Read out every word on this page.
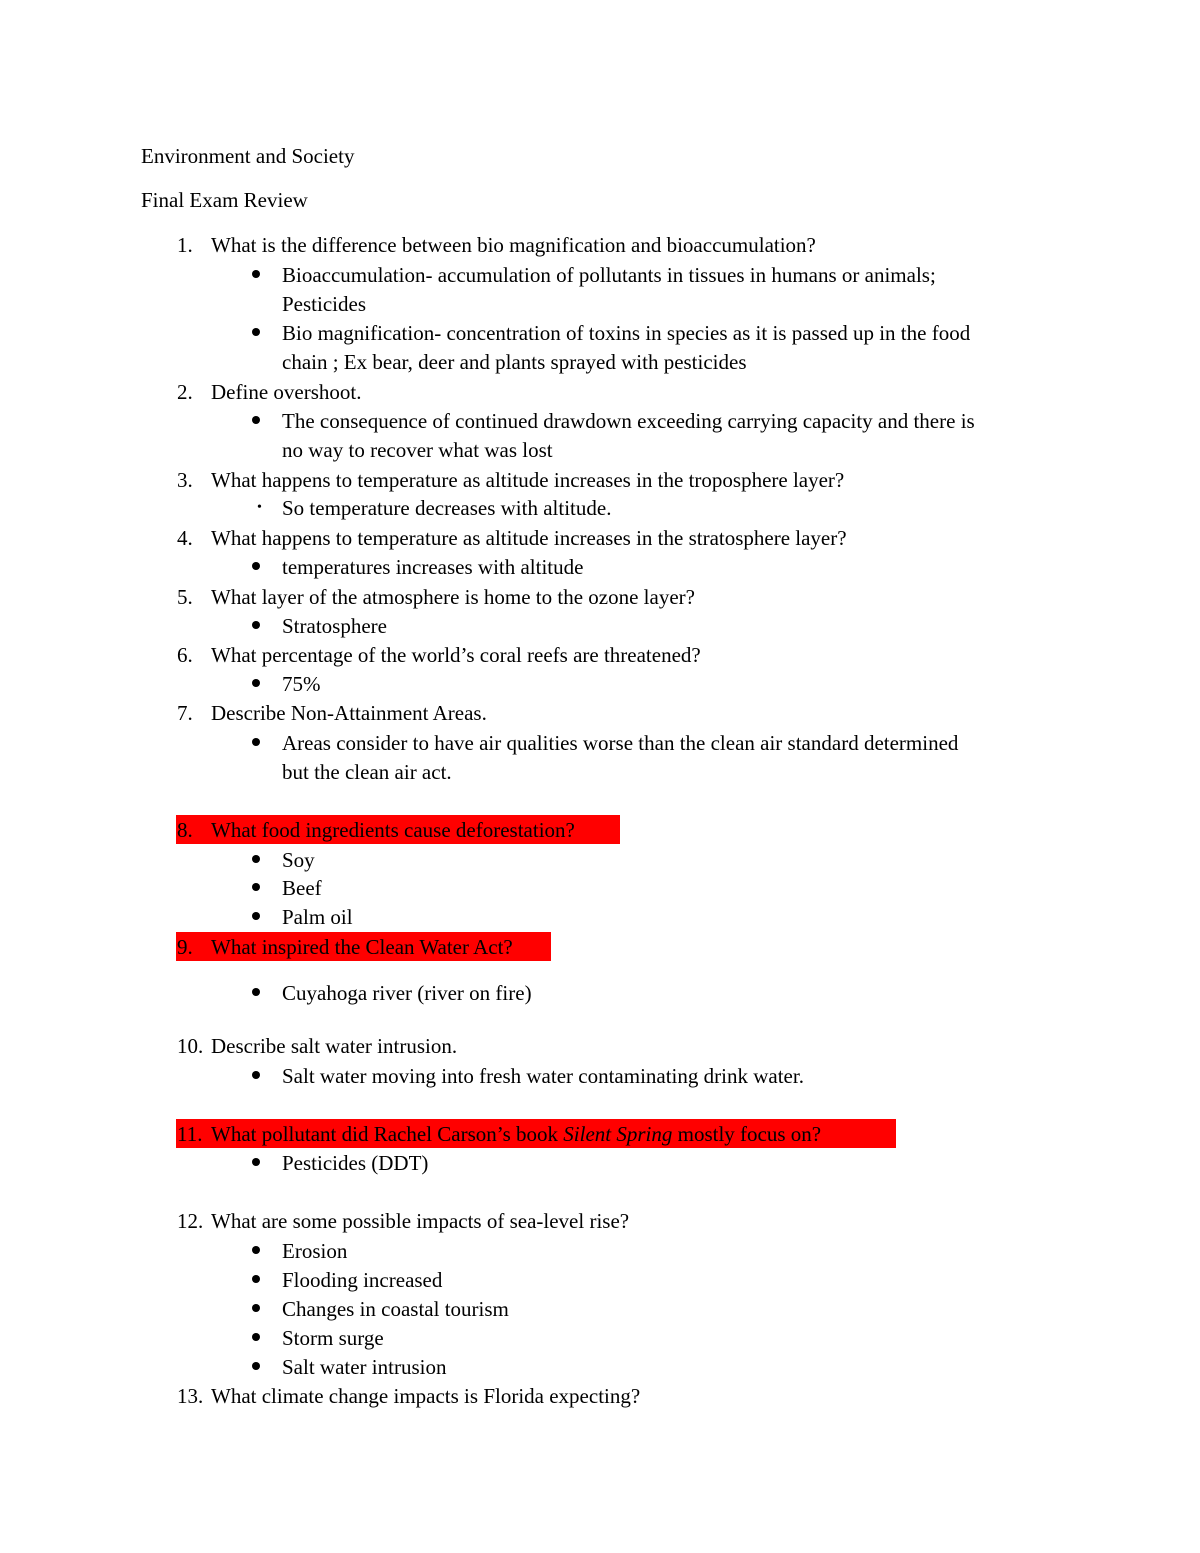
Environment and Society
Final Exam Review
1. What is the difference between bio magnification and bioaccumulation?
Bioaccumulation- accumulation of pollutants in tissues in humans or animals;
Pesticides
Bio magnification- concentration of toxins in species as it is passed up in the food
chain ; Ex bear, deer and plants sprayed with pesticides
2. Define overshoot.
The consequence of continued drawdown exceeding carrying capacity and there is
no way to recover what was lost
3. What happens to temperature as altitude increases in the troposphere layer?
• So temperature decreases with altitude.
4. What happens to temperature as altitude increases in the stratosphere layer?
temperatures increases with altitude
5. What layer of the atmosphere is home to the ozone layer?
Stratosphere
6. What percentage of the world’s coral reefs are threatened?
75%
7. Describe Non-Attainment Areas.
Areas consider to have air qualities worse than the clean air standard determined
but the clean air act.
8. What food ingredients cause deforestation?
Soy
Beef
Palm oil
9. What inspired the Clean Water Act?
Cuyahoga river (river on fire)
10. Describe salt water intrusion.
Salt water moving into fresh water contaminating drink water.
11. What pollutant did Rachel Carson’s book Silent Spring mostly focus on?
Pesticides (DDT)
12. What are some possible impacts of sea-level rise?
Erosion
Flooding increased
Changes in coastal tourism
Storm surge
Salt water intrusion
13. What climate change impacts is Florida expecting?
